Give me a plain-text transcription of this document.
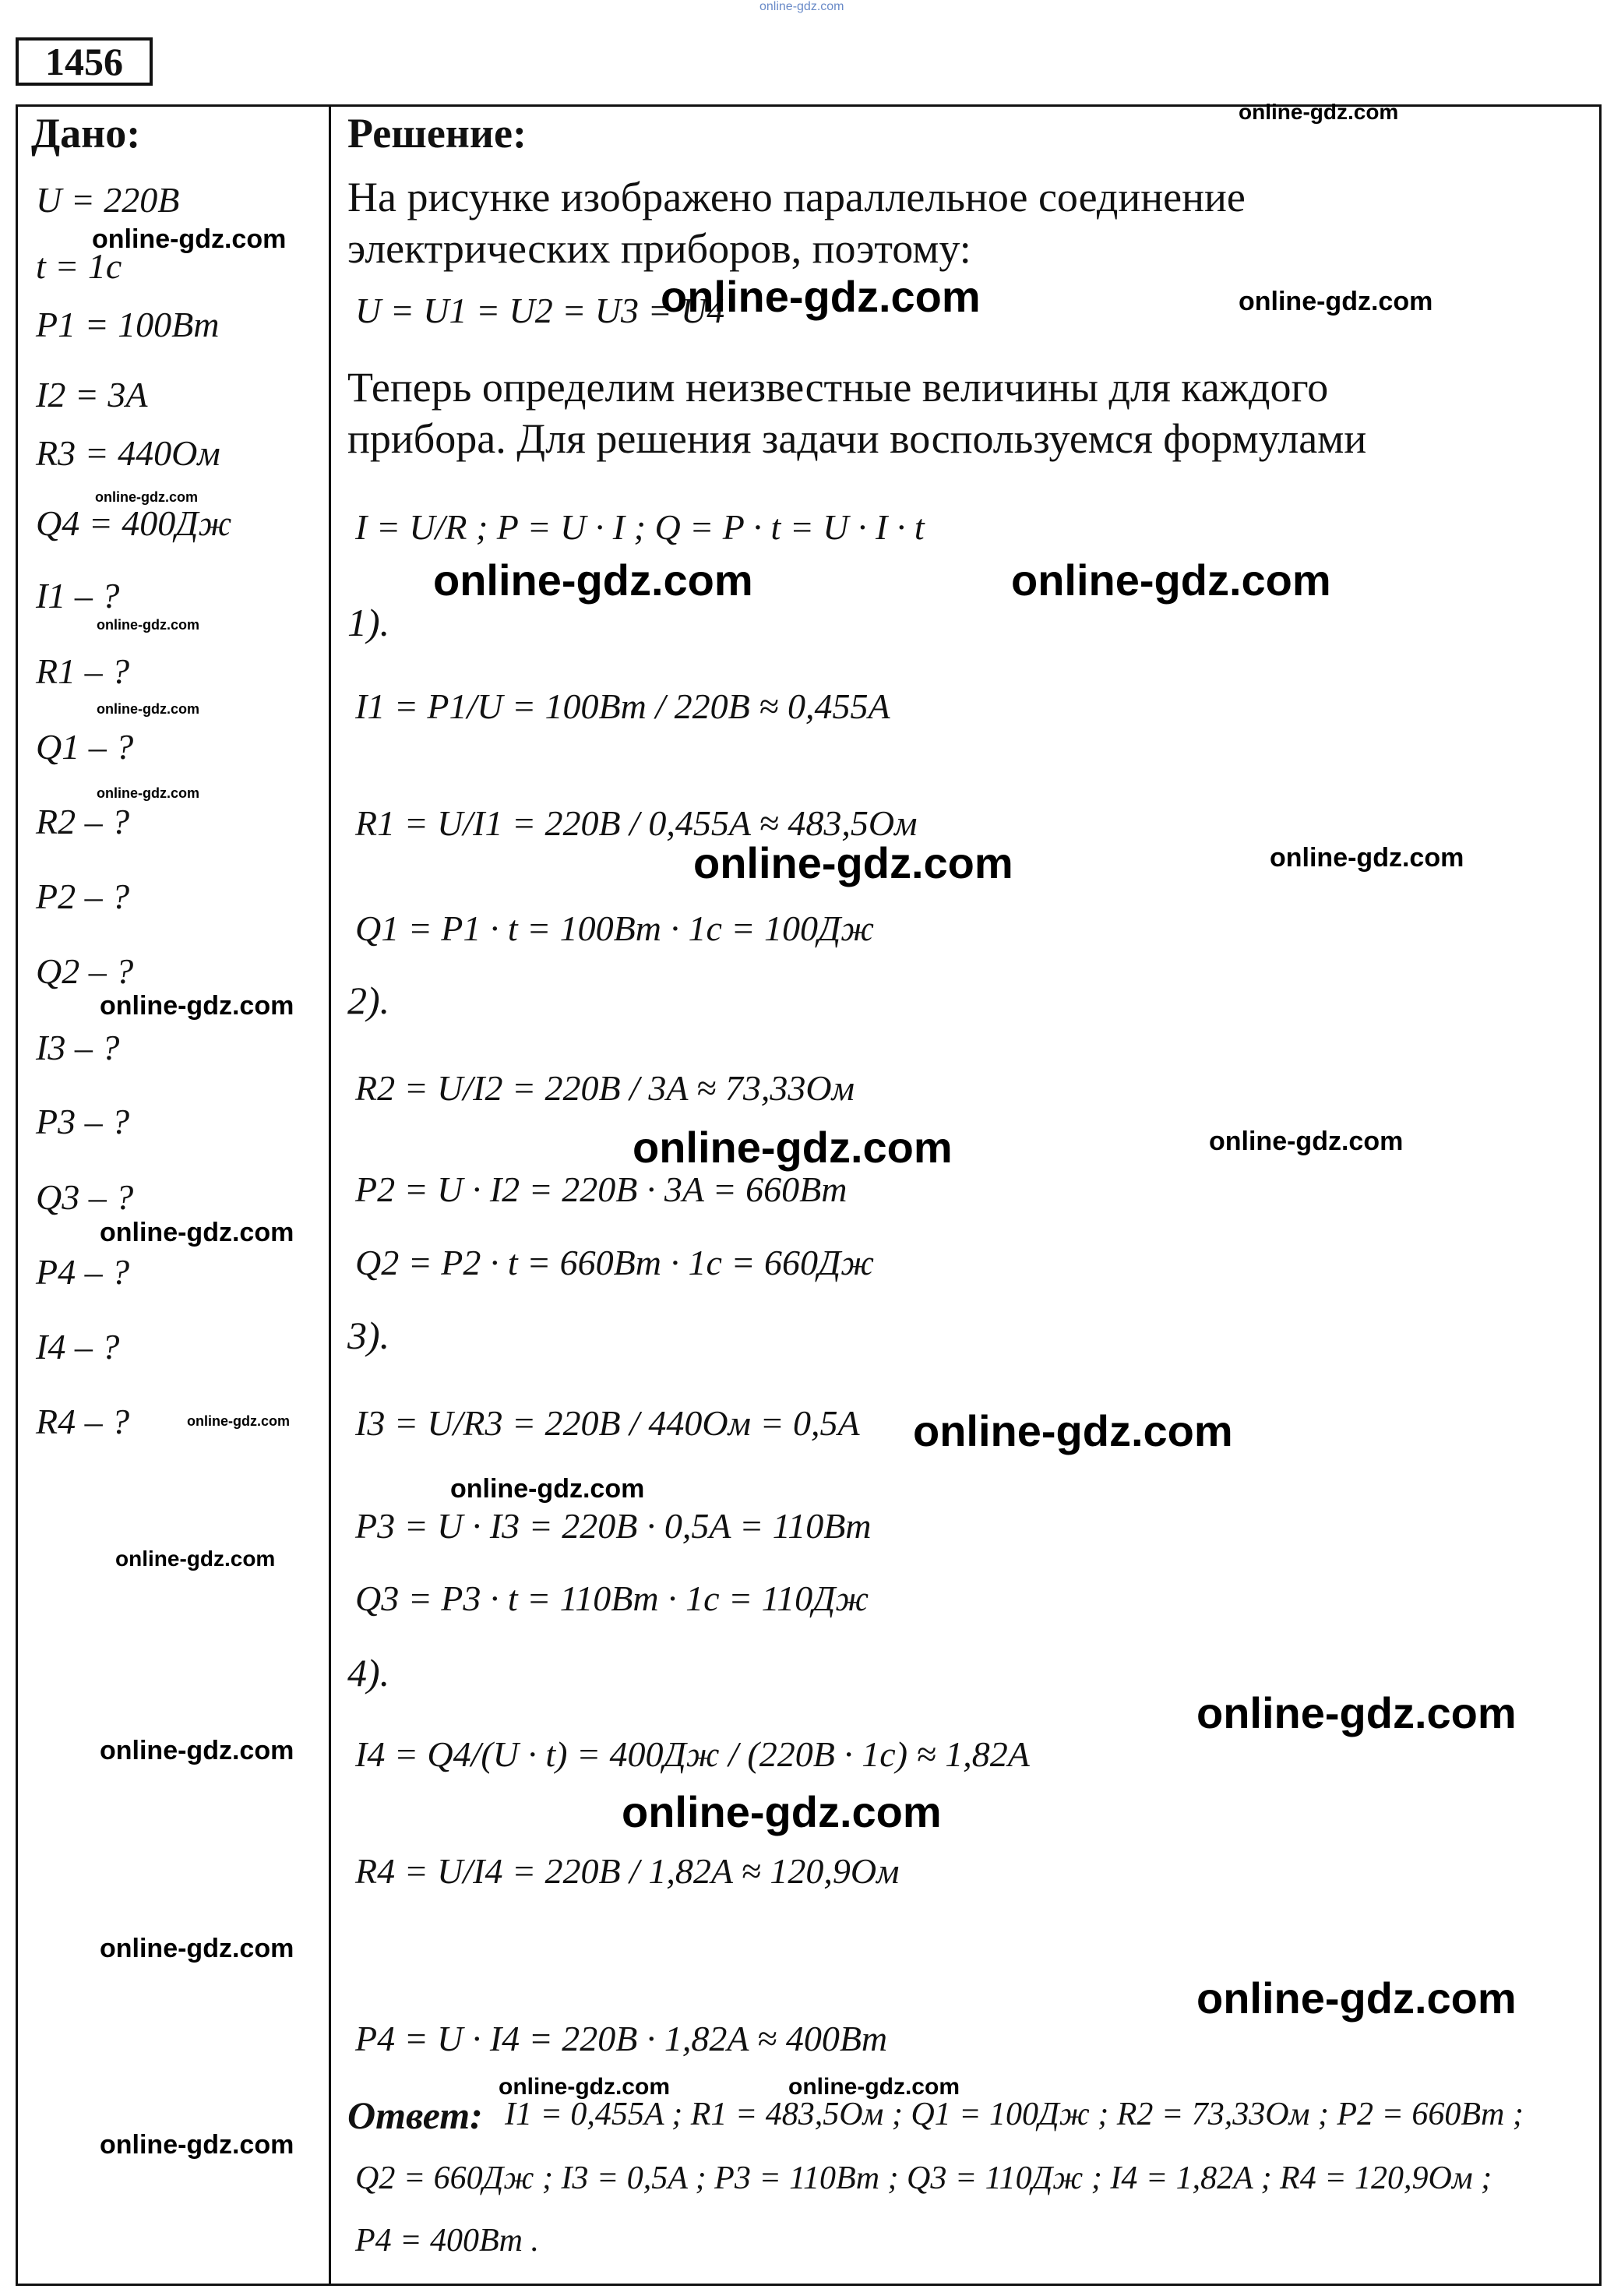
online-gdz.com
1456
Дано:
U = 220B
t = 1c
P1 = 100Bт
I2 = 3A
R3 = 440Ом
Q4 = 400Дж
I1 – ?
R1 – ?
Q1 – ?
R2 – ?
P2 – ?
Q2 – ?
I3 – ?
P3 – ?
Q3 – ?
P4 – ?
I4 – ?
R4 – ?
Решение:
На рисунке изображено параллельное соединение
электрических приборов, поэтому:
U = U1 = U2 = U3 = U4
Теперь определим неизвестные величины для каждого
прибора. Для решения задачи воспользуемся формулами
I = U/R ; P = U · I ; Q = P · t = U · I · t
1).
I1 = P1/U = 100Bт / 220B ≈ 0,455A
R1 = U/I1 = 220B / 0,455A ≈ 483,5Ом
Q1 = P1 · t = 100Bт · 1c = 100Дж
2).
R2 = U/I2 = 220B / 3A ≈ 73,33Ом
P2 = U · I2 = 220B · 3A = 660Bт
Q2 = P2 · t = 660Bт · 1c = 660Дж
3).
I3 = U/R3 = 220B / 440Ом = 0,5A
P3 = U · I3 = 220B · 0,5A = 110Bт
Q3 = P3 · t = 110Bт · 1c = 110Дж
4).
I4 = Q4/(U · t) = 400Дж / (220B · 1c) ≈ 1,82A
R4 = U/I4 = 220B / 1,82A ≈ 120,9Ом
P4 = U · I4 = 220B · 1,82A ≈ 400Bт
Ответ: I1 = 0,455A ; R1 = 483,5Ом ; Q1 = 100Дж ; R2 = 73,33Ом ; P2 = 660Bт ;
Q2 = 660Дж ; I3 = 0,5A ; P3 = 110Bт ; Q3 = 110Дж ; I4 = 1,82A ; R4 = 120,9Ом ;
P4 = 400Bт .
online-gdz.com
online-gdz.com
online-gdz.com	online-gdz.com
online-gdz.com
online-gdz.com	online-gdz.com
online-gdz.com
online-gdz.com
online-gdz.com
online-gdz.com	online-gdz.com
online-gdz.com
online-gdz.com	online-gdz.com
online-gdz.com
online-gdz.com	online-gdz.com
online-gdz.com
online-gdz.com
online-gdz.com
online-gdz.com
online-gdz.com
online-gdz.com
online-gdz.com
online-gdz.com	online-gdz.com
online-gdz.com
